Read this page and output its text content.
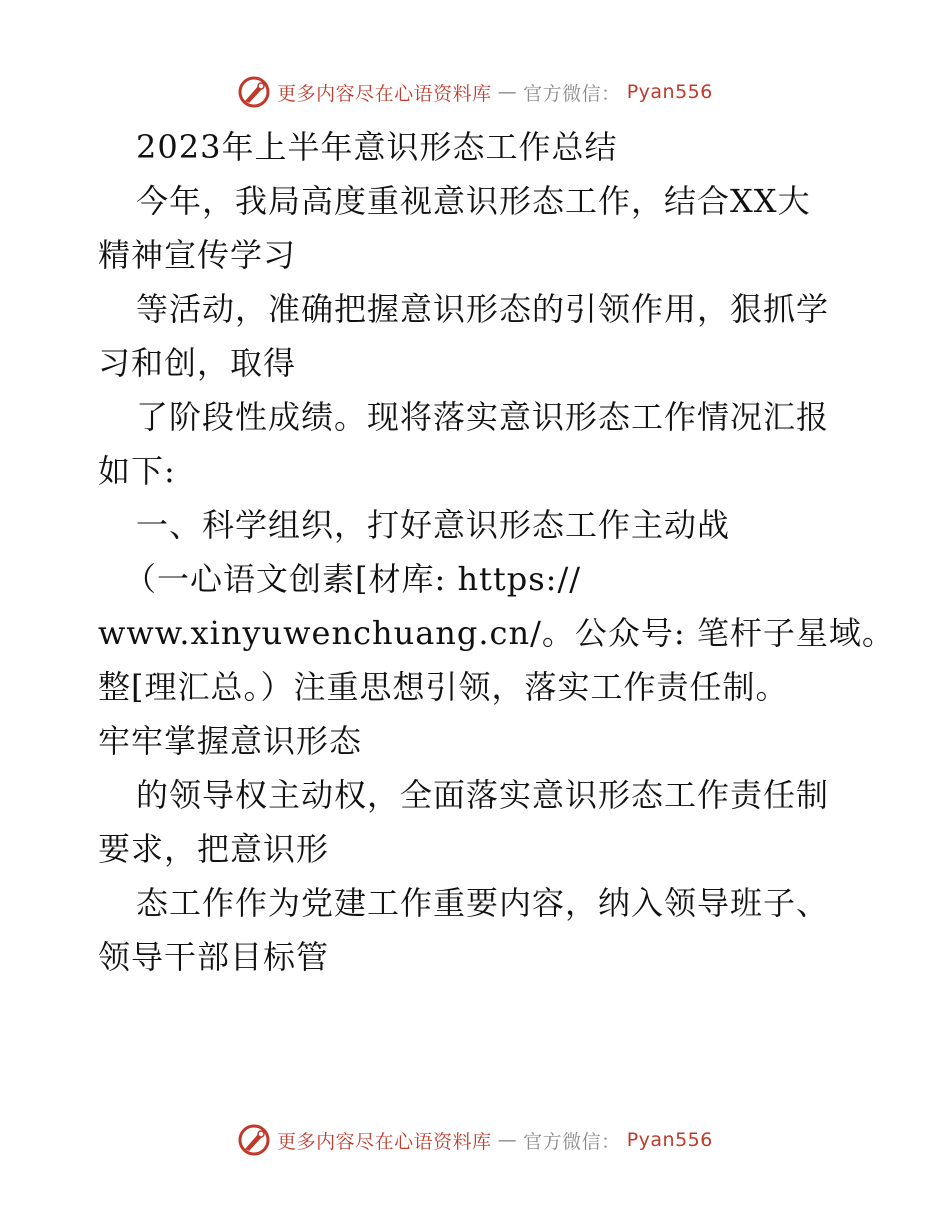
更多内容尽在心语资料库 — 官方微信： Pyan556
2023年上半年意识形态工作总结
今年，我局高度重视意识形态工作，结合XX大
精神宣传学习
等活动，准确把握意识形态的引领作用，狠抓学
习和创，取得
了阶段性成绩。现将落实意识形态工作情况汇报
如下:
一、科学组织，打好意识形态工作主动战
（一心语文创素[材库: https://
www.xinyuwenchuang.cn/。公众号: 笔杆子星域。
整[理汇总。）注重思想引领，落实工作责任制。
牢牢掌握意识形态
的领导权主动权，全面落实意识形态工作责任制
要求，把意识形
态工作作为党建工作重要内容，纳入领导班子、
领导干部目标管
更多内容尽在心语资料库 — 官方微信： Pyan556
